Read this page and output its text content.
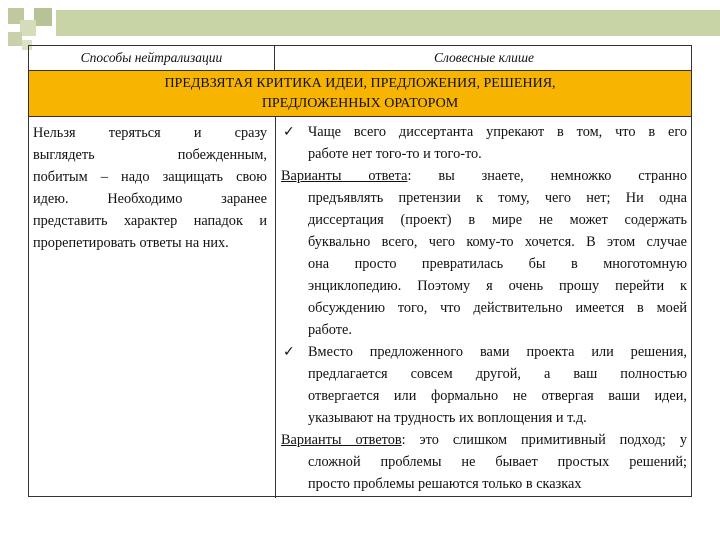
Способы нейтрализации	Словесные клише
ПРЕДВЗЯТАЯ КРИТИКА ИДЕИ, ПРЕДЛОЖЕНИЯ, РЕШЕНИЯ,
ПРЕДЛОЖЕННЫХ ОРАТОРОМ
Нельзя теряться и сразу
выглядеть побежденным,
побитым – надо защищать свою
идею. Необходимо заранее
представить характер нападок и
прорепетировать ответы на них.
✓ Чаще всего диссертанта упрекают в том, что в его
работе нет того-то и того-то.
Варианты ответа: вы знаете, немножко странно
предъявлять претензии к тому, чего нет; Ни одна
диссертация (проект) в мире не может содержать
буквально всего, чего кому-то хочется. В этом случае
она просто превратилась бы в многотомную
энциклопедию. Поэтому я очень прошу перейти к
обсуждению того, что действительно имеется в моей
работе.
✓ Вместо предложенного вами проекта или решения,
предлагается совсем другой, а ваш полностью
отвергается или формально не отвергая ваши идеи,
указывают на трудность их воплощения и т.д.
Варианты ответов: это слишком примитивный подход; у
сложной проблемы не бывает простых решений;
просто проблемы решаются только в сказках
